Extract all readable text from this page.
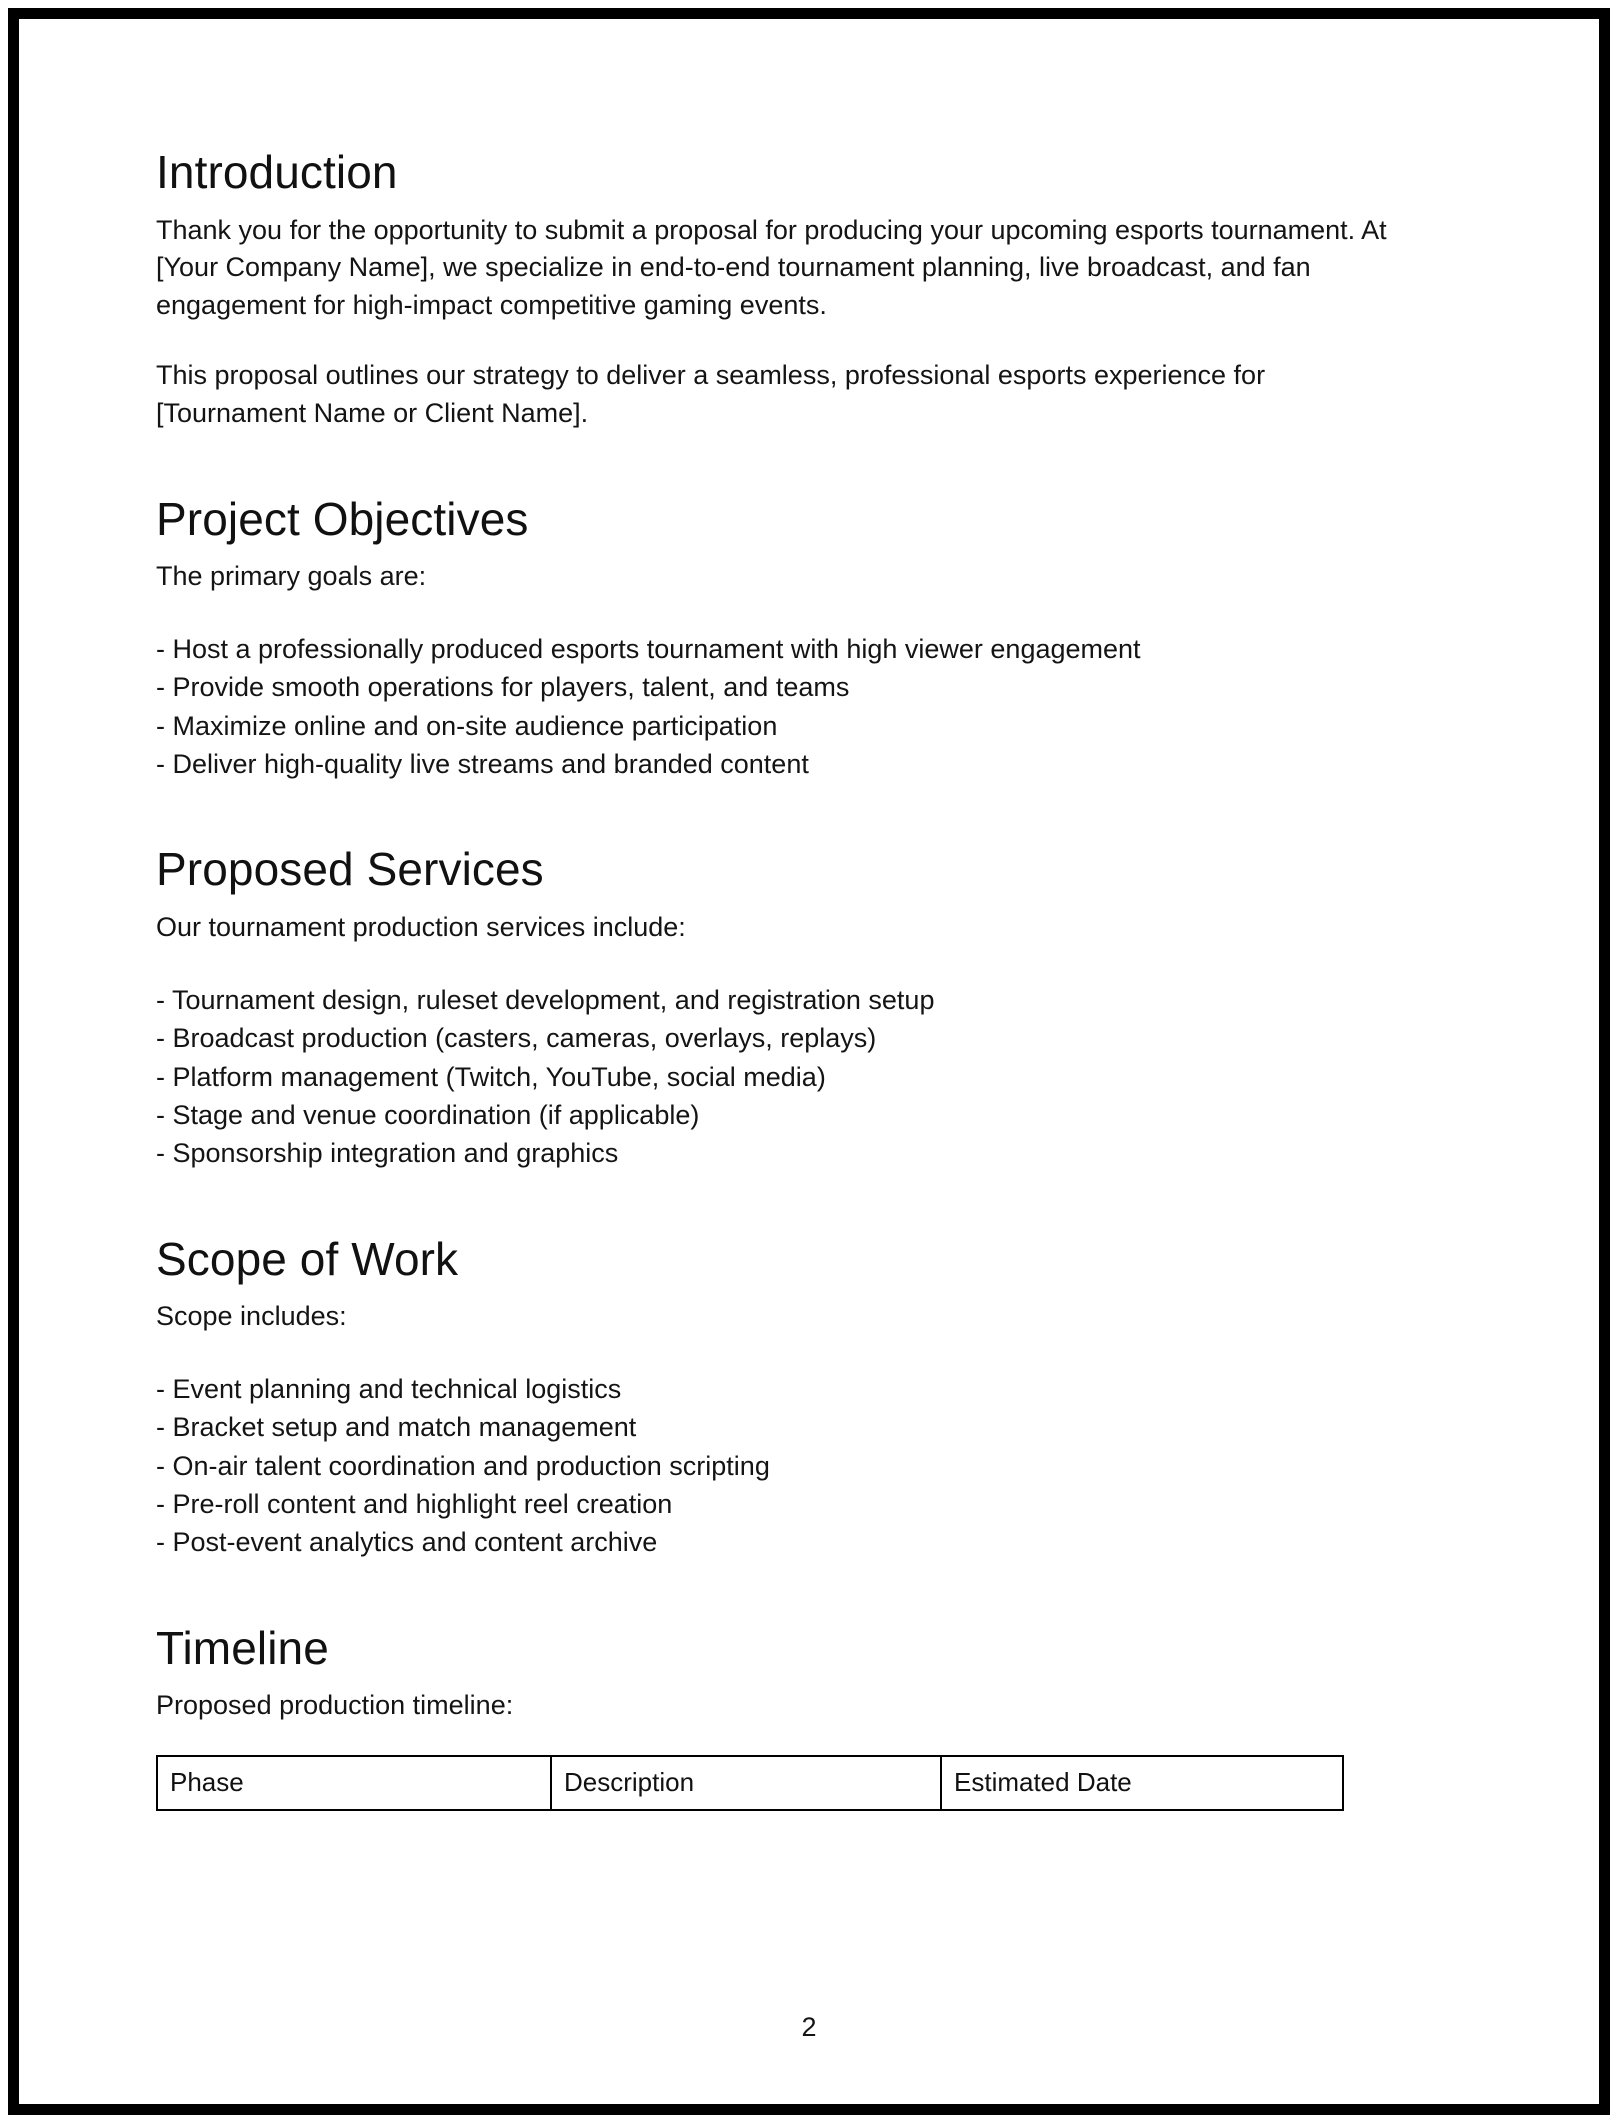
Introduction

Thank you for the opportunity to submit a proposal for producing your upcoming esports tournament. At [Your Company Name], we specialize in end-to-end tournament planning, live broadcast, and fan engagement for high-impact competitive gaming events.

This proposal outlines our strategy to deliver a seamless, professional esports experience for [Tournament Name or Client Name].

Project Objectives

The primary goals are:

- Host a professionally produced esports tournament with high viewer engagement
- Provide smooth operations for players, talent, and teams
- Maximize online and on-site audience participation
- Deliver high-quality live streams and branded content
Proposed Services

Our tournament production services include:

- Tournament design, ruleset development, and registration setup
- Broadcast production (casters, cameras, overlays, replays)
- Platform management (Twitch, YouTube, social media)
- Stage and venue coordination (if applicable)
- Sponsorship integration and graphics
Scope of Work

Scope includes:

- Event planning and technical logistics
- Bracket setup and match management
- On-air talent coordination and production scripting
- Pre-roll content and highlight reel creation
- Post-event analytics and content archive
Timeline

Proposed production timeline:

Phase	Description	Estimated Date
2
